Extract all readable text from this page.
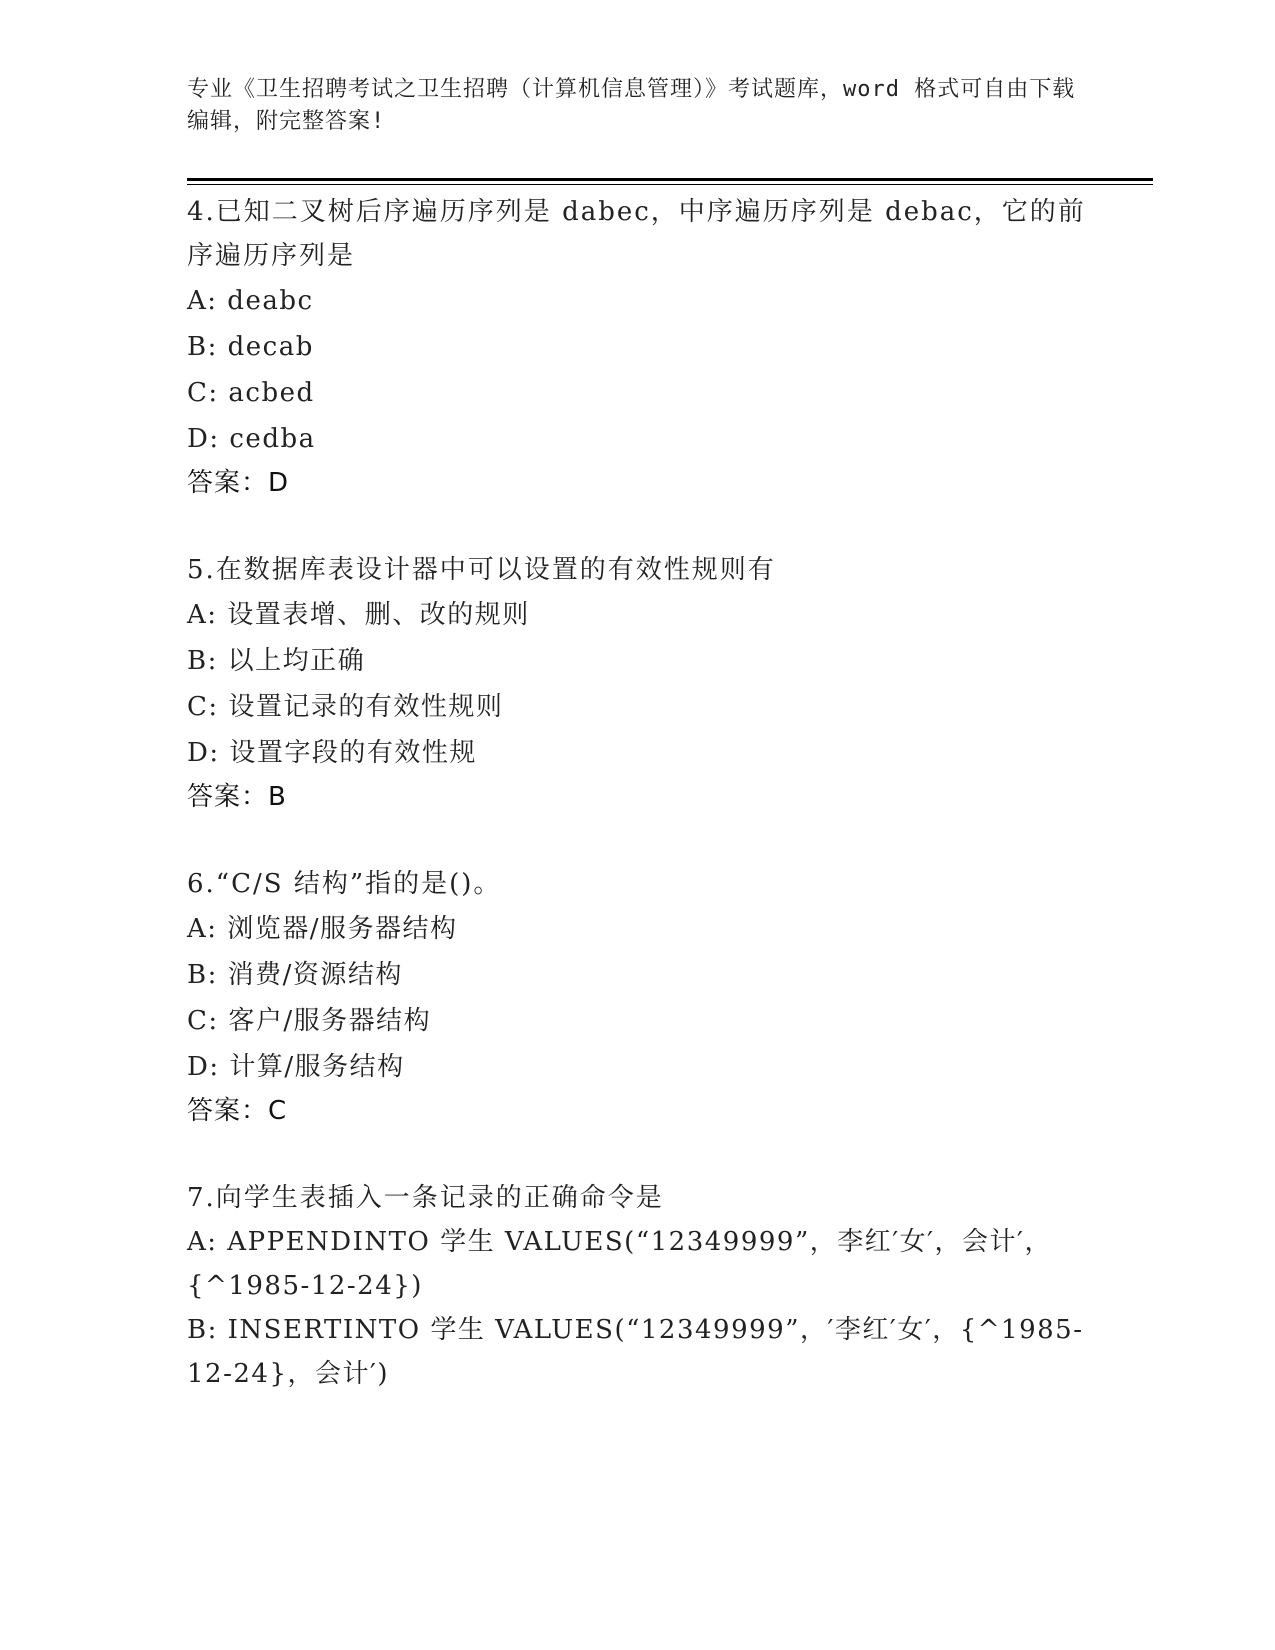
专业《卫生招聘考试之卫生招聘（计算机信息管理）》考试题库，word 格式可自由下载编辑，附完整答案!

4.已知二叉树后序遍历序列是 dabec，中序遍历序列是 debac，它的前序遍历序列是

A: deabc

B: decab

C: acbed

D: cedba

答案：D

5.在数据库表设计器中可以设置的有效性规则有

A: 设置表增、删、改的规则

B: 以上均正确

C: 设置记录的有效性规则

D: 设置字段的有效性规

答案：B

6.“C/S 结构”指的是()。

A: 浏览器/服务器结构

B: 消费/资源结构

C: 客户/服务器结构

D: 计算/服务结构

答案：C

7.向学生表插入一条记录的正确命令是

A: APPENDINTO 学生 VALUES(“12349999”，李红′女′，会计′，{^1985-12-24})

B: INSERTINTO 学生 VALUES(“12349999”，′李红′女′，{^1985-12-24}，会计′)
